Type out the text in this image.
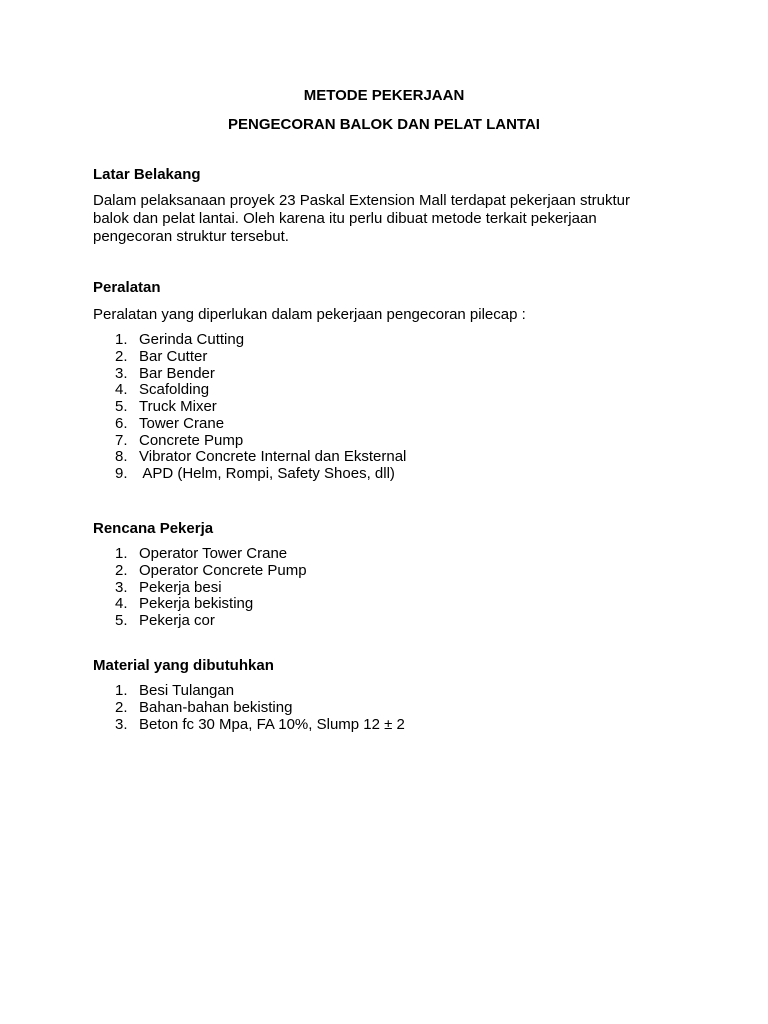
METODE PEKERJAAN
PENGECORAN BALOK DAN PELAT LANTAI
Latar Belakang
Dalam pelaksanaan proyek 23 Paskal Extension Mall terdapat pekerjaan struktur
balok dan pelat lantai. Oleh karena itu perlu dibuat metode terkait pekerjaan
pengecoran struktur tersebut.
Peralatan
Peralatan yang diperlukan dalam pekerjaan pengecoran pilecap :
1. Gerinda Cutting
2. Bar Cutter
3. Bar Bender
4. Scafolding
5. Truck Mixer
6. Tower Crane
7. Concrete Pump
8. Vibrator Concrete Internal dan Eksternal
9. APD (Helm, Rompi, Safety Shoes, dll)
Rencana Pekerja
1. Operator Tower Crane
2. Operator Concrete Pump
3. Pekerja besi
4. Pekerja bekisting
5. Pekerja cor
Material yang dibutuhkan
1. Besi Tulangan
2. Bahan-bahan bekisting
3. Beton fc 30 Mpa, FA 10%, Slump 12 ± 2
